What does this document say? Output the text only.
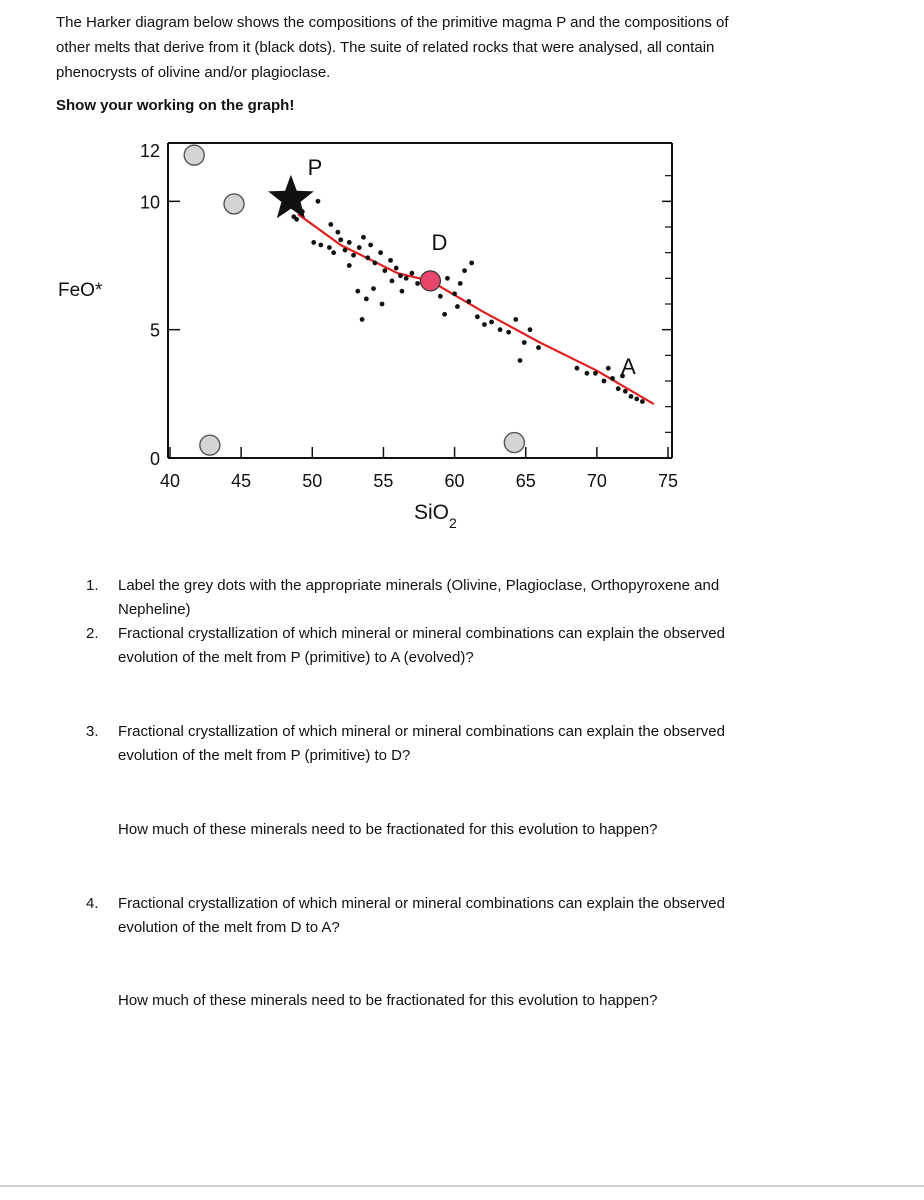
The Harker diagram below shows the compositions of the primitive magma P and the compositions of
other melts that derive from it (black dots). The suite of related rocks that were analysed, all contain
phenocrysts of olivine and/or plagioclase.
Show your working on the graph!
40	45	50	55	60	65	70	75
0
5
10
12
P
D
A
FeO*
SiO$_2$
1. Label the grey dots with the appropriate minerals (Olivine, Plagioclase, Orthopyroxene and
Nepheline)
2. Fractional crystallization of which mineral or mineral combinations can explain the observed
evolution of the melt from P (primitive) to A (evolved)?
3. Fractional crystallization of which mineral or mineral combinations can explain the observed
evolution of the melt from P (primitive) to D?
How much of these minerals need to be fractionated for this evolution to happen?
4. Fractional crystallization of which mineral or mineral combinations can explain the observed
evolution of the melt from D to A?
How much of these minerals need to be fractionated for this evolution to happen?
